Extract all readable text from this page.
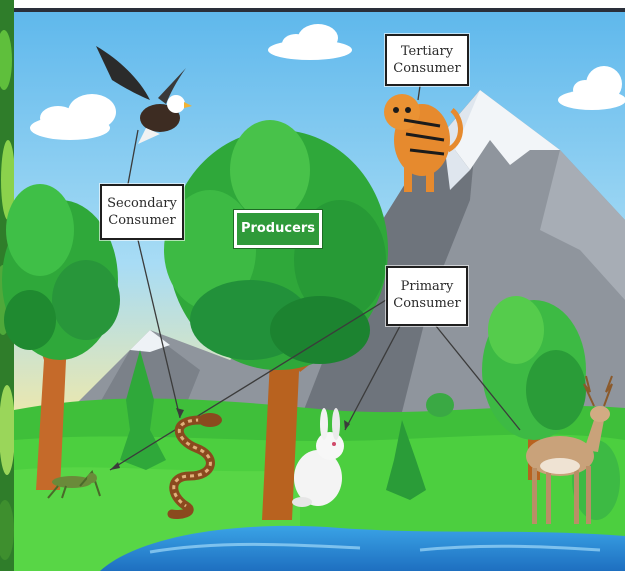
Tertiary
Consumer
Secondary
Consumer
Primary
Consumer
Producers
